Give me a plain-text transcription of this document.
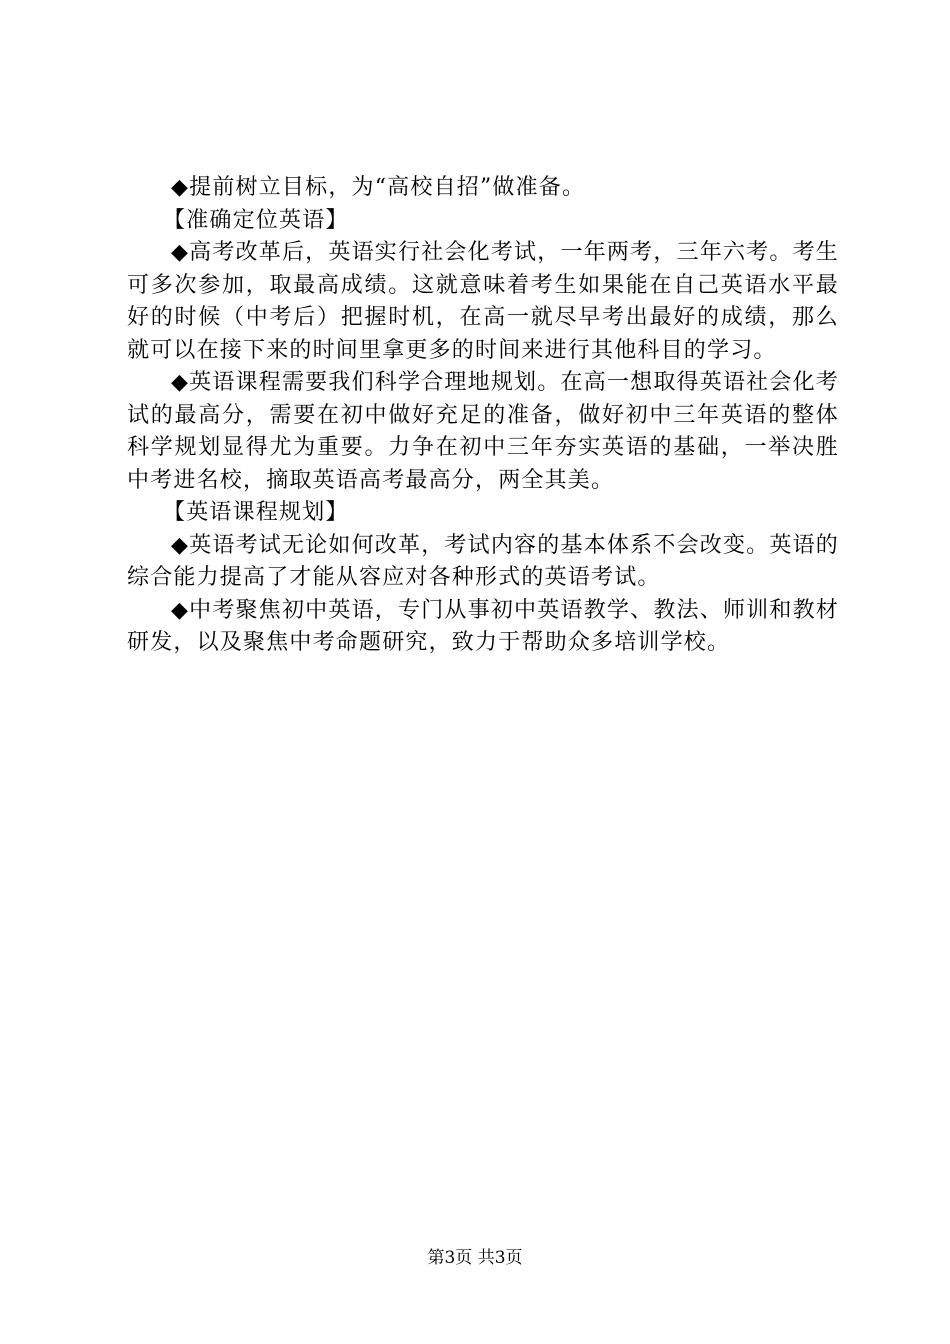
◆提前树立目标，为“高校自招”做准备。

【准确定位英语】

◆高考改革后，英语实行社会化考试，一年两考，三年六考。考生可多次参加，取最高成绩。这就意味着考生如果能在自己英语水平最好的时候（中考后）把握时机，在高一就尽早考出最好的成绩，那么就可以在接下来的时间里拿更多的时间来进行其他科目的学习。

◆英语课程需要我们科学合理地规划。在高一想取得英语社会化考试的最高分，需要在初中做好充足的准备，做好初中三年英语的整体科学规划显得尤为重要。力争在初中三年夯实英语的基础，一举决胜中考进名校，摘取英语高考最高分，两全其美。

【英语课程规划】

◆英语考试无论如何改革，考试内容的基本体系不会改变。英语的综合能力提高了才能从容应对各种形式的英语考试。

◆中考聚焦初中英语，专门从事初中英语教学、教法、师训和教材研发，以及聚焦中考命题研究，致力于帮助众多培训学校。

第3页 共3页
